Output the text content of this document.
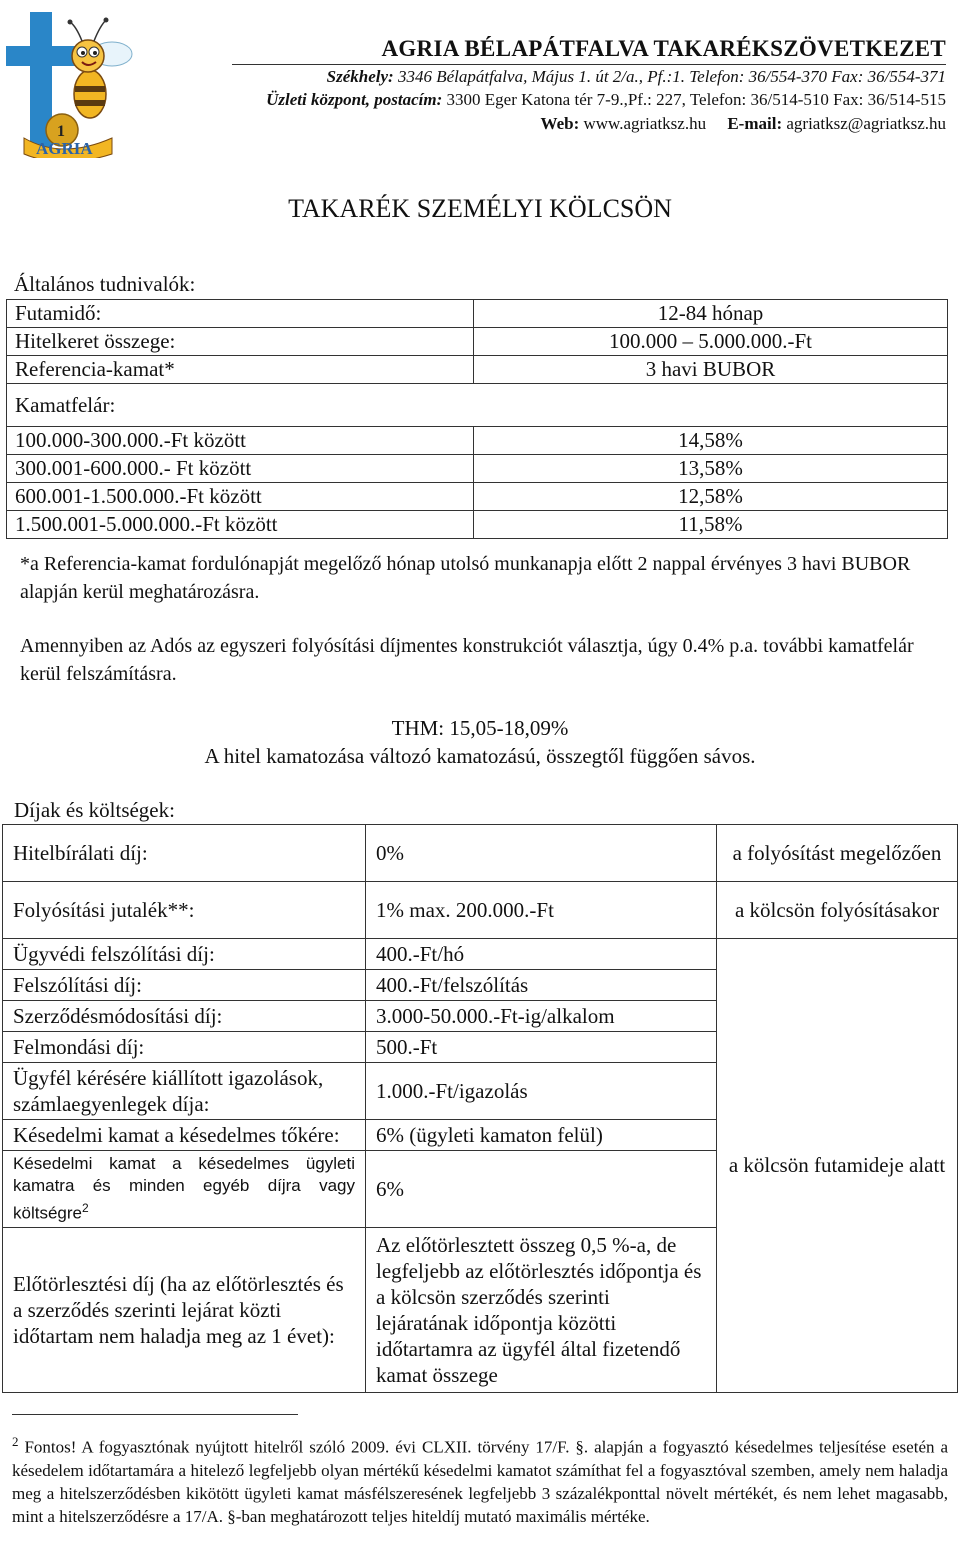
1
AGRIA
AGRIA BÉLAPÁTFALVA TAKARÉKSZÖVETKEZET
Székhely: 3346 Bélapátfalva, Május 1. út 2/a., Pf.:1. Telefon: 36/554-370 Fax: 36/554-371
Üzleti központ, postacím: 3300 Eger Katona tér 7-9.,Pf.: 227, Telefon: 36/514-510 Fax: 36/514-515
Web: www.agriatksz.hu E-mail: agriatksz@agriatksz.hu
TAKARÉK SZEMÉLYI KÖLCSÖN
Általános tudnivalók:
Futamidő:	12-84 hónap
Hitelkeret összege:	100.000 – 5.000.000.-Ft
Referencia-kamat*	3 havi BUBOR
Kamatfelár:	
100.000-300.000.-Ft között	14,58%
300.001-600.000.- Ft között	13,58%
600.001-1.500.000.-Ft között	12,58%
1.500.001-5.000.000.-Ft között	11,58%
*a Referencia-kamat fordulónapját megelőző hónap utolsó munkanapja előtt 2 nappal érvényes 3 havi BUBOR alapján kerül meghatározásra.
Amennyiben az Adós az egyszeri folyósítási díjmentes konstrukciót választja, úgy 0.4% p.a. további kamatfelár kerül felszámításra.
THM: 15,05-18,09%
A hitel kamatozása változó kamatozású, összegtől függően sávos.
Díjak és költségek:
Hitelbírálati díj:	0%	a folyósítást megelőzően
Folyósítási jutalék**:	1% max. 200.000.-Ft	a kölcsön folyósításakor
Ügyvédi felszólítási díj:	400.-Ft/hó	a kölcsön futamideje alatt
Felszólítási díj:	400.-Ft/felszólítás	
Szerződésmódosítási díj:	3.000-50.000.-Ft-ig/alkalom	
Felmondási díj:	500.-Ft	
Ügyfél kérésére kiállított igazolások, számlaegyenlegek díja:	1.000.-Ft/igazolás	
Késedelmi kamat a késedelmes tőkére:	6% (ügyleti kamaton felül)	
Késedelmi kamat a késedelmes ügyleti kamatra és minden egyéb díjra vagy költségre$^2$	6%	
Előtörlesztési díj (ha az előtörlesztés és a szerződés szerinti lejárat közti időtartam nem haladja meg az 1 évet):	Az előtörlesztett összeg 0,5 %-a, de legfeljebb az előtörlesztés időpontja és a kölcsön szerződés szerinti lejáratának időpontja közötti időtartamra az ügyfél által fizetendő kamat összege	
$^2$ Fontos! A fogyasztónak nyújtott hitelről szóló 2009. évi CLXII. törvény 17/F. §. alapján a fogyasztó késedelmes teljesítése esetén a késedelem időtartamára a hitelező legfeljebb olyan mértékű késedelmi kamatot számíthat fel a fogyasztóval szemben, amely nem haladja meg a hitelszerződésben kikötött ügyleti kamat másfélszeresének legfeljebb 3 százalékponttal növelt mértékét, és nem lehet magasabb, mint a hitelszerződésre a 17/A. §-ban meghatározott teljes hiteldíj mutató maximális mértéke.
